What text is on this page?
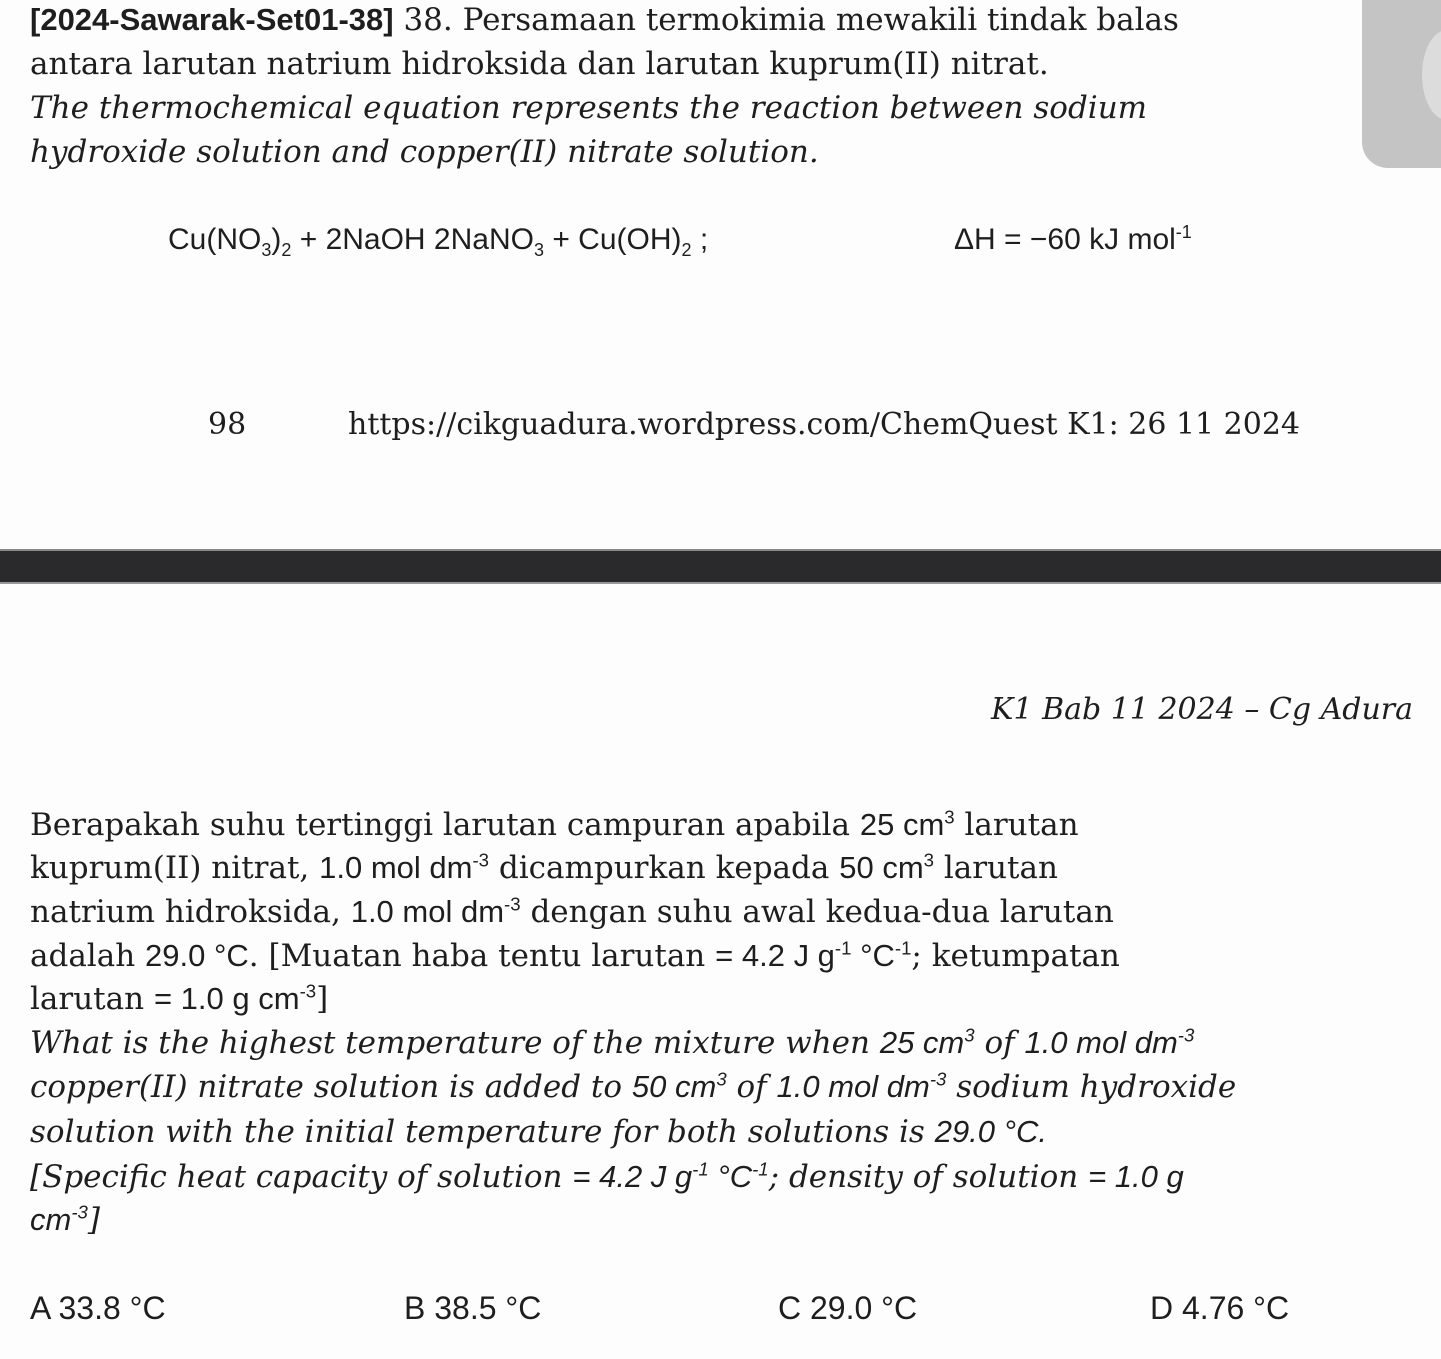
[2024-Sawarak-Set01-38] 38. Persamaan termokimia mewakili tindak balas
antara larutan natrium hidroksida dan larutan kuprum(II) nitrat.
The thermochemical equation represents the reaction between sodium
hydroxide solution and copper(II) nitrate solution.
$Cu(NO_3)_2$ + 2NaOH 2NaNO$_3$ + $Cu(OH)_2$ ;	ΔH = −60 kJ mol$^{-1}$
98	https://cikguadura.wordpress.com/ChemQuest K1: 26 11 2024
K1 Bab 11 2024 – Cg Adura
Berapakah suhu tertinggi larutan campuran apabila 25 $cm^3$ larutan
kuprum(II) nitrat, 1.0 mol $dm^{-3}$ dicampurkan kepada 50 $cm^3$ larutan
natrium hidroksida, 1.0 mol $dm^{-3}$ dengan suhu awal kedua-dua larutan
adalah 29.0 °C. [Muatan haba tentu larutan = 4.2 J $g^{-1}$ $^\circ C^{-1}$; ketumpatan
larutan = 1.0 g $cm^{-3}$]
What is the highest temperature of the mixture when 25 $cm^3$ of 1.0 mol $dm^{-3}$
copper(II) nitrate solution is added to 50 $cm^3$ of 1.0 mol $dm^{-3}$ sodium hydroxide
solution with the initial temperature for both solutions is 29.0 °C.
[Specific heat capacity of solution = 4.2 J $g^{-1}$ $^\circ C^{-1}$; density of solution = 1.0 g
$cm^{-3}$]
A 33.8 °C	B 38.5 °C	C 29.0 °C	D 4.76 °C
